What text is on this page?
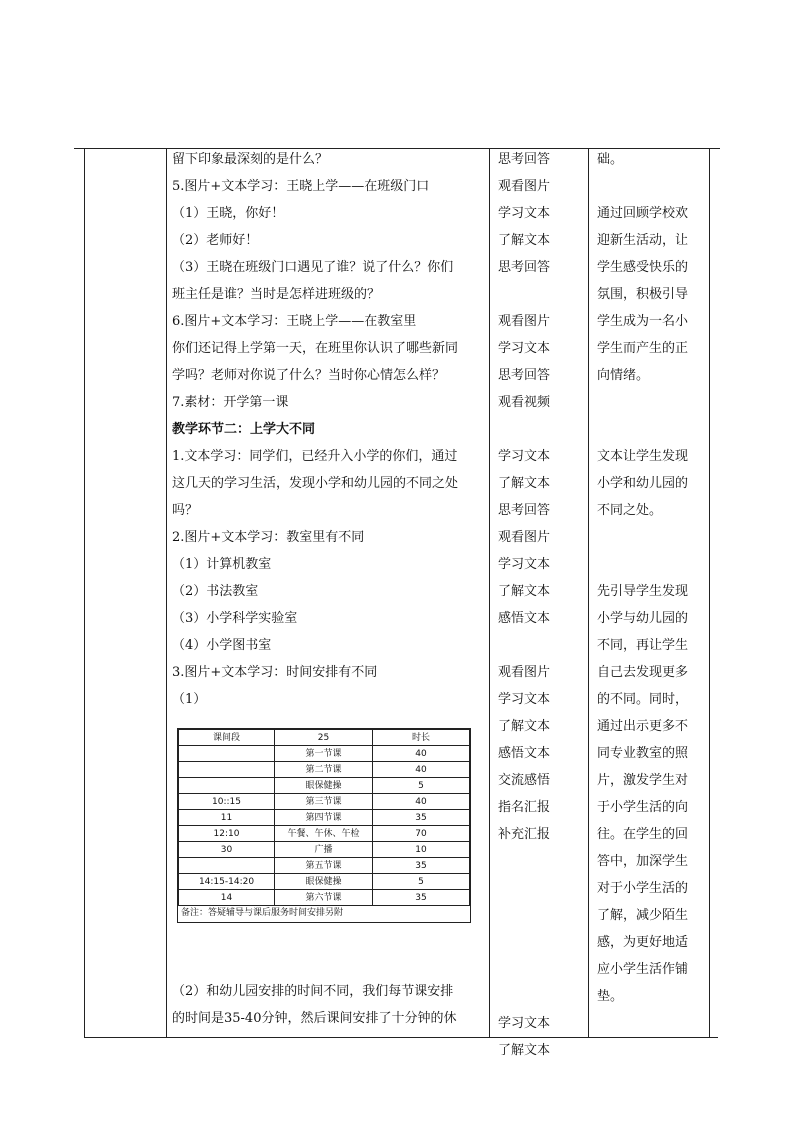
留下印象最深刻的是什么？
5.图片+文本学习：王晓上学——在班级门口
（1）王晓，你好！
（2）老师好！
（3）王晓在班级门口遇见了谁？说了什么？你们
班主任是谁？当时是怎样进班级的？
6.图片+文本学习：王晓上学——在教室里
你们还记得上学第一天，在班里你认识了哪些新同
学吗？老师对你说了什么？当时你心情怎么样？
7.素材：开学第一课
教学环节二：上学大不同
1.文本学习：同学们，已经升入小学的你们，通过
这几天的学习生活，发现小学和幼儿园的不同之处
吗？
2.图片+文本学习：教室里有不同
（1）计算机教室
（2）书法教室
（3）小学科学实验室
（4）小学图书室
3.图片+文本学习：时间安排有不同
（1）
课间段	25	时长
	第一节课	40
	第二节课	40
	眼保健操	5
10::15	第三节课	40
11	第四节课	35
12:10	午餐、午休、午检	70
30	广播	10
	第五节课	35
14:15-14:20	眼保健操	5
14	第六节课	35
备注：答疑辅导与课后服务时间安排另附
（2）和幼儿园安排的时间不同，我们每节课安排
的时间是35-40分钟，然后课间安排了十分钟的休
思考回答
观看图片
学习文本
了解文本
思考回答
观看图片
学习文本
思考回答
观看视频
学习文本
了解文本
思考回答
观看图片
学习文本
了解文本
感悟文本
观看图片
学习文本
了解文本
感悟文本
交流感悟
指名汇报
补充汇报
学习文本
了解文本
础。
通过回顾学校欢
迎新生活动，让
学生感受快乐的
氛围，积极引导
学生成为一名小
学生而产生的正
向情绪。
文本让学生发现
小学和幼儿园的
不同之处。
先引导学生发现
小学与幼儿园的
不同，再让学生
自己去发现更多
的不同。同时，
通过出示更多不
同专业教室的照
片，激发学生对
于小学生活的向
往。在学生的回
答中，加深学生
对于小学生活的
了解，减少陌生
感，为更好地适
应小学生活作铺
垫。
